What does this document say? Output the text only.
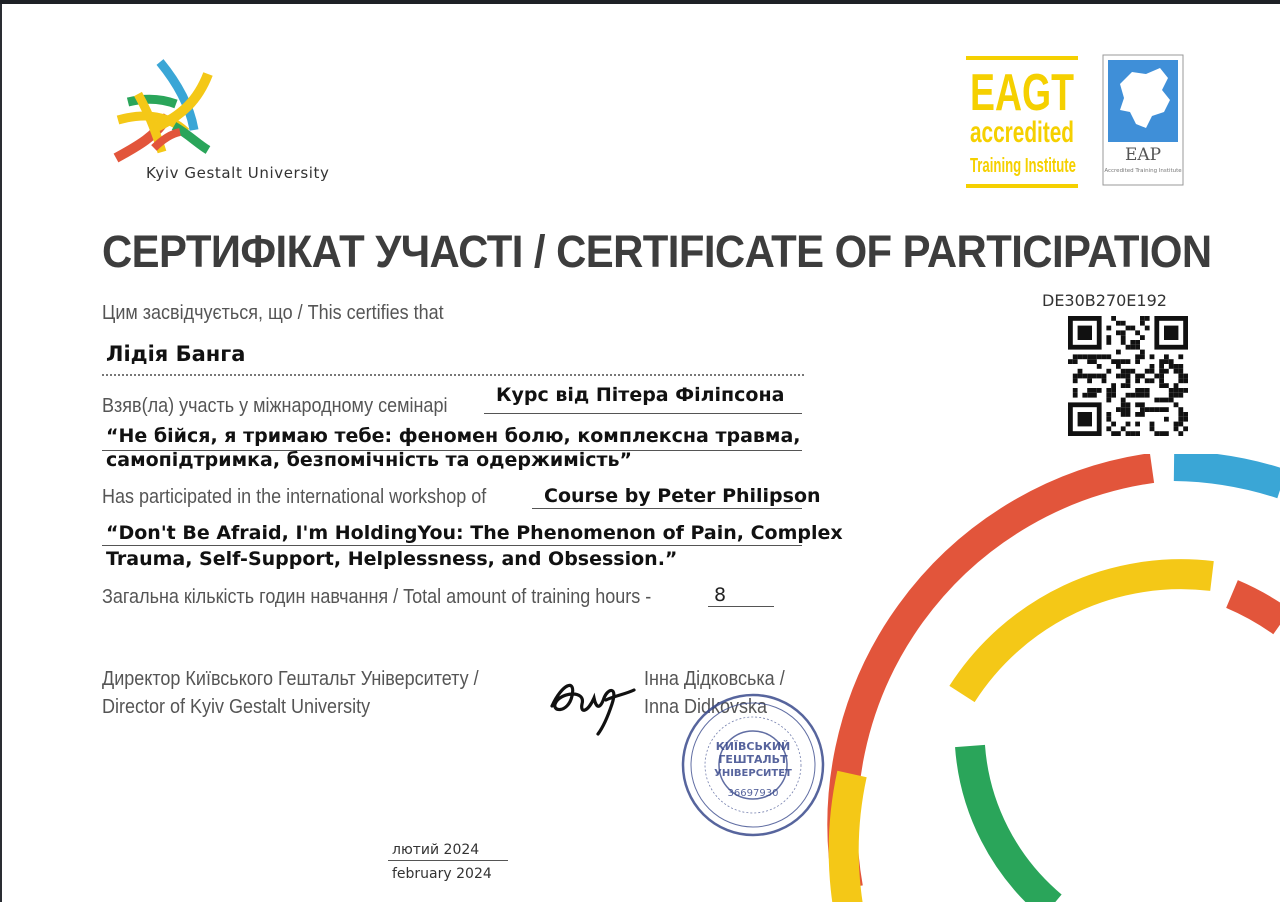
Kyiv Gestalt University
EAGT
accredited
Training Institute	EAP
Accredited Training Institute
СЕРТИФІКАТ УЧАСТІ / CERTIFICATE OF PARTICIPATION
DE30B270E192
Цим засвідчується, що / This certifies that
Лідія Банга
Взяв(ла) участь у міжнародному семінарі	Курс від Пітера Філіпсона
“Не бійся, я тримаю тебе: феномен болю, комплексна травма,
самопідтримка, безпомічність та одержимість”
Has participated in the international workshop of	Course by Peter Philipson
“Don't Be Afraid, I'm HoldingYou: The Phenomenon of Pain, Complex
Trauma, Self-Support, Helplessness, and Obsession.”
Загальна кількість годин навчання / Total amount of training hours -	8
Директор Київського Гештальт Університету /
Director of Kyiv Gestalt University
Інна Дідковська /
Inna Didkovska
КИЇВСЬКИЙ
ГЕШТАЛЬТ
УНІВЕРСИТЕТ
36697930
лютий 2024
february 2024
